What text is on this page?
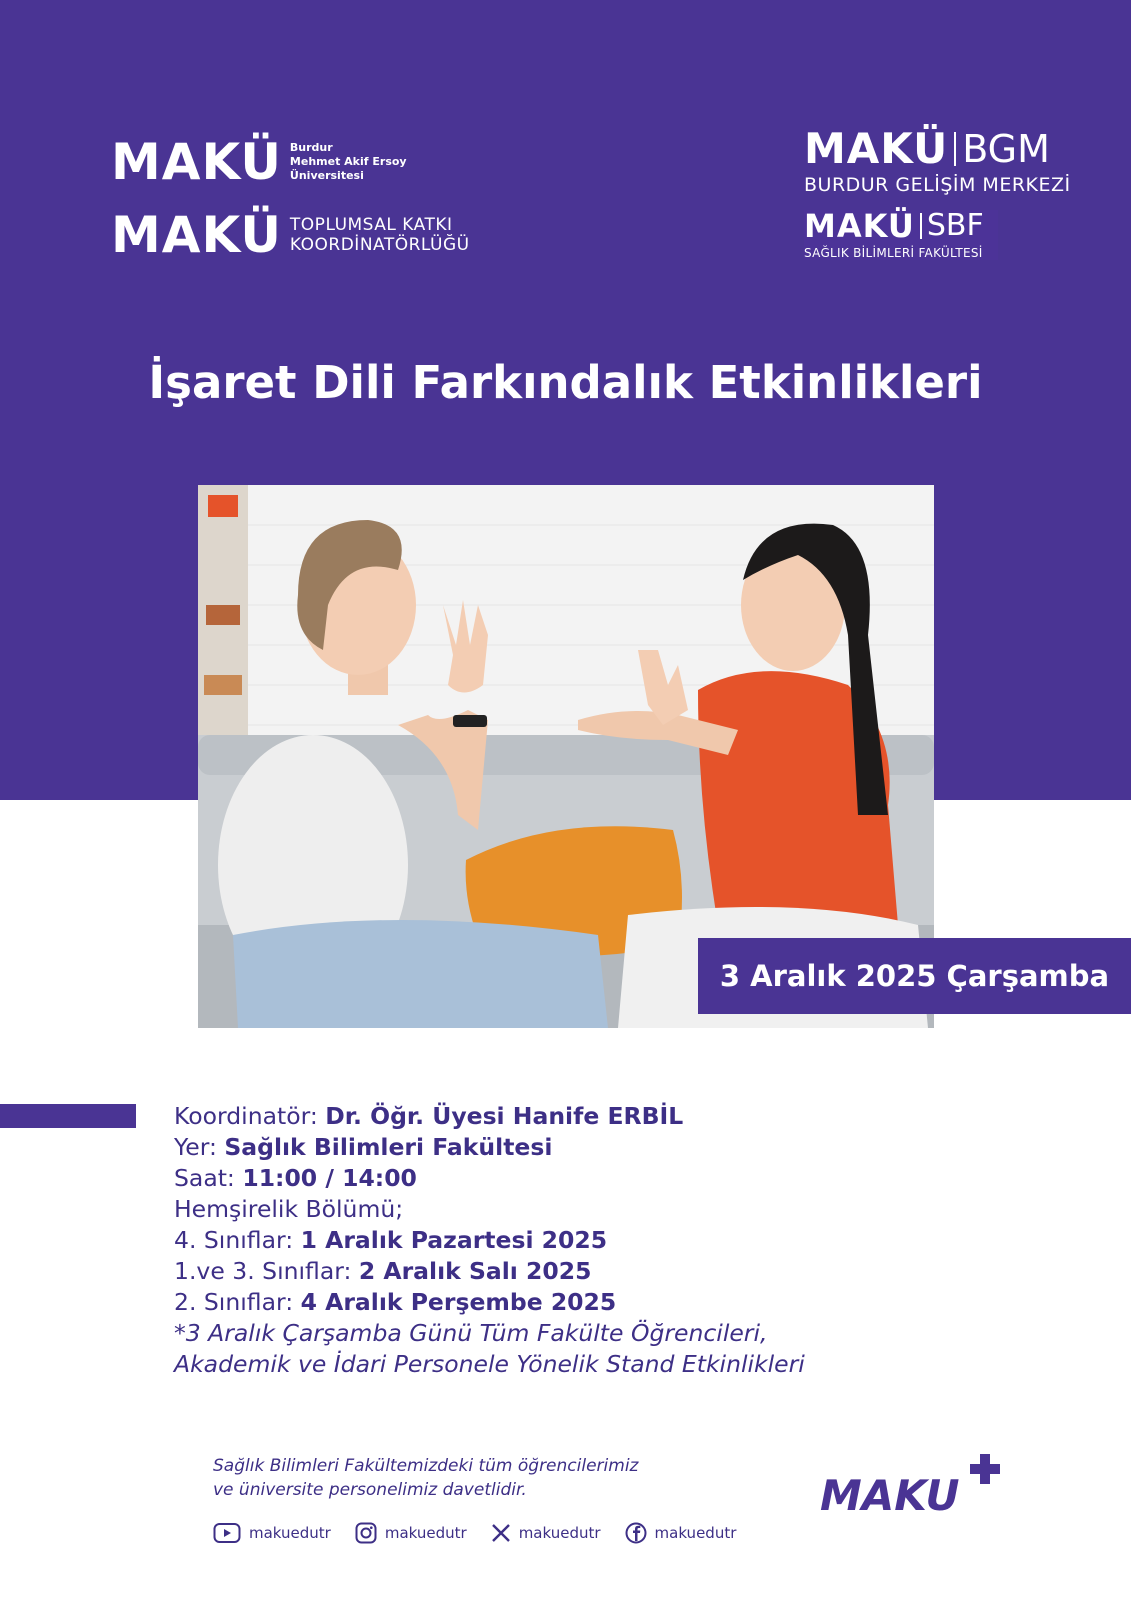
MAKÜ Burdur
Mehmet Akif Ersoy
Üniversitesi
MAKÜ TOPLUMSAL KATKI
KOORDİNATÖRLÜĞÜ
MAKÜ BGM
BURDUR GELİŞİM MERKEZİ
MAKÜ SBF
SAĞLIK BİLİMLERİ FAKÜLTESİ
İşaret Dili Farkındalık Etkinlikleri
3 Aralık 2025 Çarşamba
Koordinatör: Dr. Öğr. Üyesi Hanife ERBİL
Yer: Sağlık Bilimleri Fakültesi
Saat: 11:00 / 14:00
Hemşirelik Bölümü;
4. Sınıflar: 1 Aralık Pazartesi 2025
1.ve 3. Sınıflar: 2 Aralık Salı 2025
2. Sınıflar: 4 Aralık Perşembe 2025
*3 Aralık Çarşamba Günü Tüm Fakülte Öğrencileri,
Akademik ve İdari Personele Yönelik Stand Etkinlikleri
Sağlık Bilimleri Fakültemizdeki tüm öğrencilerimiz
ve üniversite personelimiz davetlidir.
makuedutr	makuedutr	makuedutr	makuedutr
MAKU
